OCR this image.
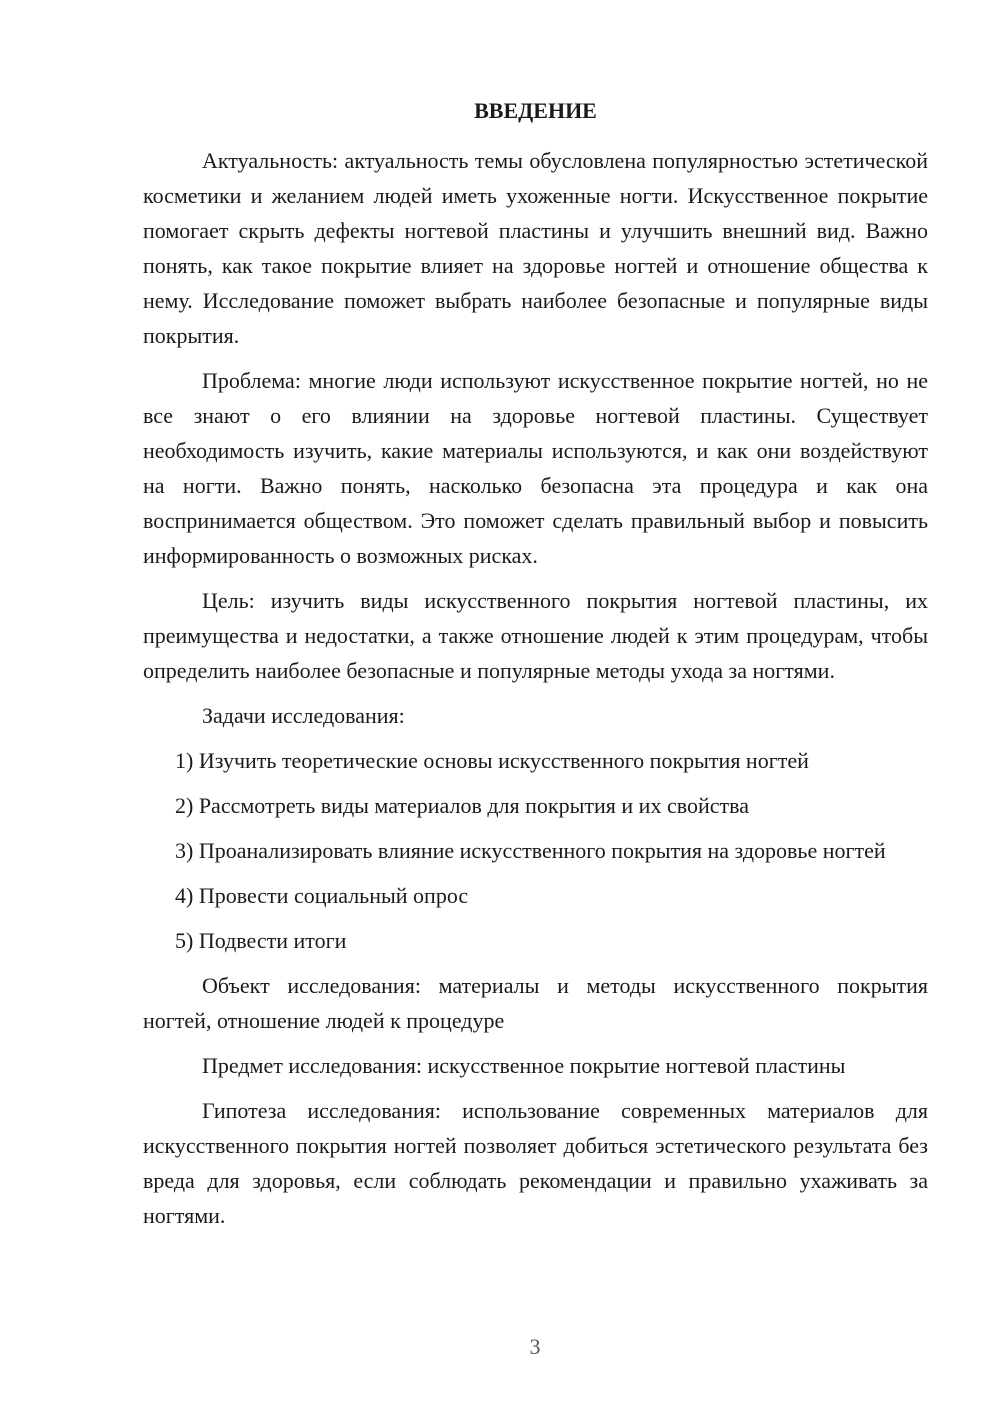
ВВЕДЕНИЕ

Актуальность: актуальность темы обусловлена популярностью эстетической косметики и желанием людей иметь ухоженные ногти. Искусственное покрытие помогает скрыть дефекты ногтевой пластины и улучшить внешний вид. Важно понять, как такое покрытие влияет на здоровье ногтей и отношение общества к нему. Исследование поможет выбрать наиболее безопасные и популярные виды покрытия.

Проблема: многие люди используют искусственное покрытие ногтей, но не все знают о его влиянии на здоровье ногтевой пластины. Существует необходимость изучить, какие материалы используются, и как они воздействуют на ногти. Важно понять, насколько безопасна эта процедура и как она воспринимается обществом. Это поможет сделать правильный выбор и повысить информированность о возможных рисках.

Цель: изучить виды искусственного покрытия ногтевой пластины, их преимущества и недостатки, а также отношение людей к этим процедурам, чтобы определить наиболее безопасные и популярные методы ухода за ногтями.

Задачи исследования:

1) Изучить теоретические основы искусственного покрытия ногтей

2) Рассмотреть виды материалов для покрытия и их свойства

3) Проанализировать влияние искусственного покрытия на здоровье ногтей

4) Провести социальный опрос

5) Подвести итоги

Объект исследования: материалы и методы искусственного покрытия ногтей, отношение людей к процедуре

Предмет исследования: искусственное покрытие ногтевой пластины

Гипотеза исследования: использование современных материалов для искусственного покрытия ногтей позволяет добиться эстетического результата без вреда для здоровья, если соблюдать рекомендации и правильно ухаживать за ногтями.

3
